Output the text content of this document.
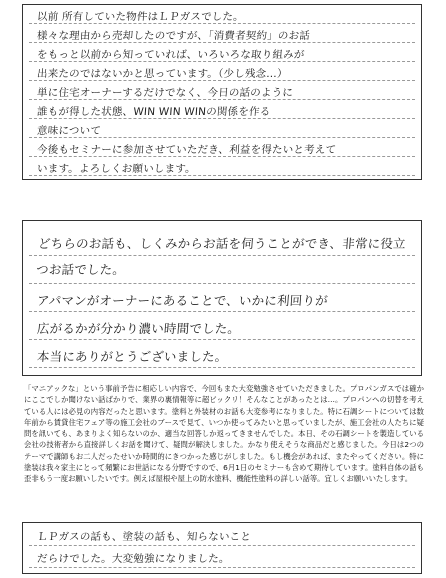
以前 所有していた物件はＬＰガスでした。
様々な理由から売却したのですが、「消費者契約」のお話
をもっと以前から知っていれば、いろいろな取り組みが
出来たのではないかと思っています。（少し残念…）
単に住宅オーナーするだけでなく、今日の話のように
誰もが得した状態、WIN WIN WINの関係を作る
意味について
今後もセミナーに参加させていただき、利益を得たいと考えて
います。よろしくお願いします。
どちらのお話も、しくみからお話を伺うことができ、非常に役立つお話でした。
アパマンがオーナーにあることで、いかに利回りが
広がるかが分かり濃い時間でした。
本当にありがとうございました。
「マニアックな」という事前予告に相応しい内容で、今回もまた大変勉強させていただきました。プロパンガスでは確かにここでしか聞けない話ばかりで、業界の裏情報等に超ビックリ！そんなことがあったとは…。プロパンへの切替を考えている人には必見の内容だったと思います。塗料と外装材のお話も大変参考になりました。特に石調シートについては数年前から賃貸住宅フェア等の施工会社のブースで見て、いつか使ってみたいと思っていましたが、施工会社の人たちに疑問を訊いても、あまりよく知らないのか、適当な回答しか返ってきませんでした。本日、その石調シートを製造している会社の技術者から直接詳しくお話を聞けて、疑問が解決しました。かなり使えそうな商品だと感じました。今日は2つのテーマで講師もお二人だったせいか時間的にきつかった感じがしました。もし機会があれば、またやってください。特に塗装は我々家主にとって頻繁にお世話になる分野ですので、6月1日のセミナーも含めて期待しています。塗料自体の話も歪非もう一度お願いしたいです。例えば屋根や屋上の防水塗料、機能性塗料の詳しい話等。宜しくお願いいたします。
ＬＰガスの話も、塗装の話も、知らないこと
だらけでした。大変勉強になりました。
